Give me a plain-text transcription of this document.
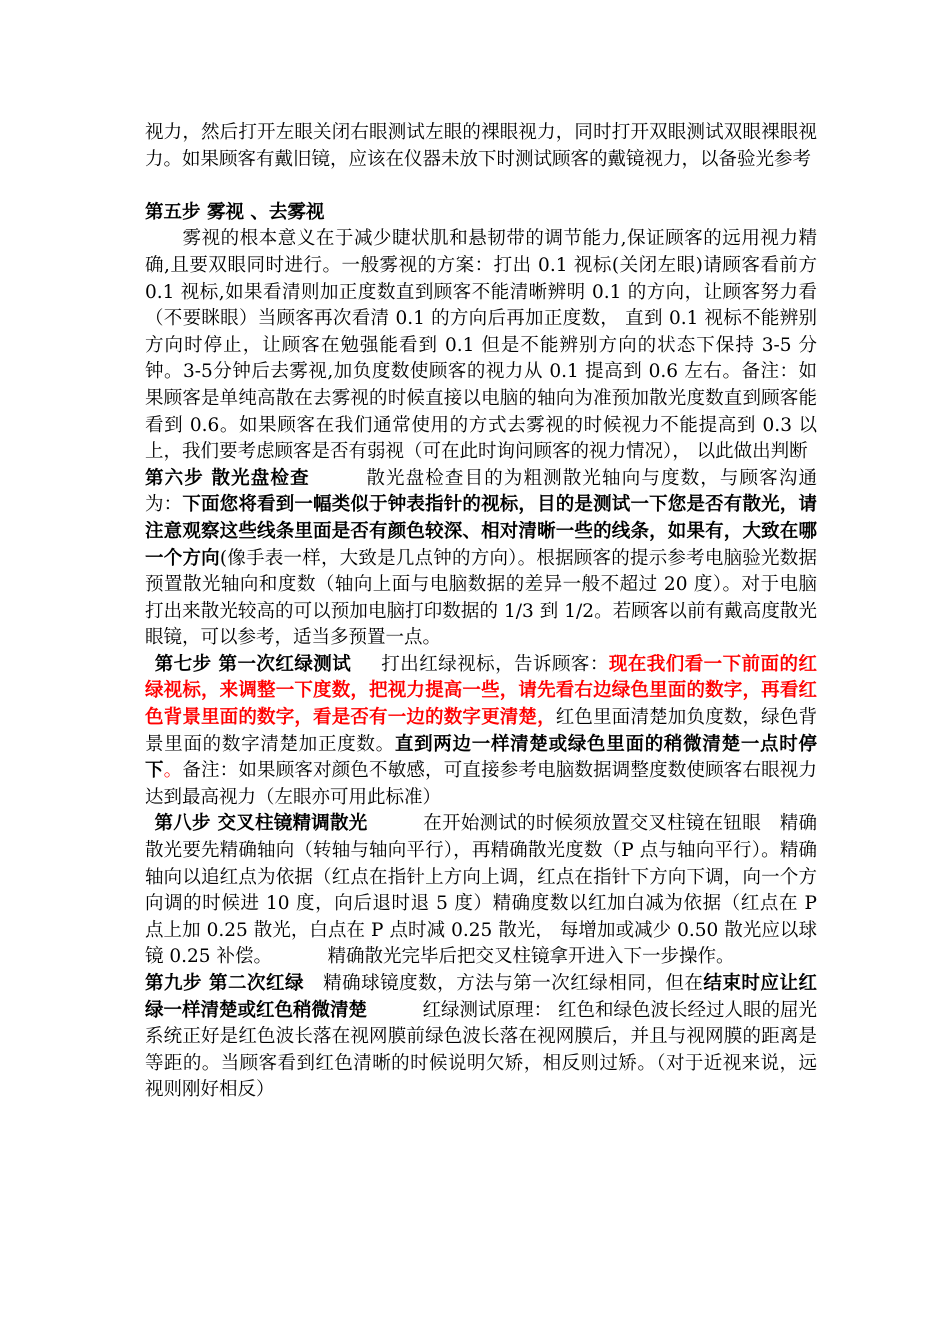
视力，然后打开左眼关闭右眼测试左眼的裸眼视力，同时打开双眼测试双眼裸眼视力。如果顾客有戴旧镜，应该在仪器未放下时测试顾客的戴镜视力，以备验光参考

第五步 雾视 、去雾视

雾视的根本意义在于减少睫状肌和悬韧带的调节能力,保证顾客的远用视力精确,且要双眼同时进行。一般雾视的方案：打出 0.1 视标(关闭左眼)请顾客看前方 0.1 视标,如果看清则加正度数直到顾客不能清晰辨明 0.1 的方向，让顾客努力看（不要眯眼）当顾客再次看清 0.1 的方向后再加正度数， 直到 0.1 视标不能辨别方向时停止，让顾客在勉强能看到 0.1 但是不能辨别方向的状态下保持 3-5 分钟。3-5分钟后去雾视,加负度数使顾客的视力从 0.1 提高到 0.6 左右。备注：如果顾客是单纯高散在去雾视的时候直接以电脑的轴向为准预加散光度数直到顾客能看到 0.6。如果顾客在我们通常使用的方式去雾视的时候视力不能提高到 0.3 以上，我们要考虑顾客是否有弱视（可在此时询问顾客的视力情况）， 以此做出判断

第六步 散光盘检查	散光盘检查目的为粗测散光轴向与度数，与顾客沟通为：下面您将看到一幅类似于钟表指针的视标，目的是测试一下您是否有散光，请注意观察这些线条里面是否有颜色较深、相对清晰一些的线条，如果有，大致在哪一个方向(像手表一样，大致是几点钟的方向）。根据顾客的提示参考电脑验光数据预置散光轴向和度数（轴向上面与电脑数据的差异一般不超过 20 度）。对于电脑打出来散光较高的可以预加电脑打印数据的 1/3 到 1/2。若顾客以前有戴高度散光眼镜，可以参考，适当多预置一点。

第七步 第一次红绿测试 打出红绿视标，告诉顾客：现在我们看一下前面的红绿视标，来调整一下度数，把视力提高一些，请先看右边绿色里面的数字，再看红色背景里面的数字，看是否有一边的数字更清楚，红色里面清楚加负度数，绿色背景里面的数字清楚加正度数。直到两边一样清楚或绿色里面的稍微清楚一点时停下。备注：如果顾客对颜色不敏感，可直接参考电脑数据调整度数使顾客右眼视力达到最高视力（左眼亦可用此标准）

第八步 交叉柱镜精调散光	在开始测试的时候须放置交叉柱镜在钮眼 精确散光要先精确轴向（转轴与轴向平行），再精确散光度数（P 点与轴向平行）。精确轴向以追红点为依据（红点在指针上方向上调，红点在指针下方向下调，向一个方向调的时候进 10 度，向后退时退 5 度）精确度数以红加白减为依据（红点在 P 点上加 0.25 散光，白点在 P 点时减 0.25 散光， 每增加或减少 0.50 散光应以球镜 0.25 补偿。	精确散光完毕后把交叉柱镜拿开进入下一步操作。

第九步 第二次红绿 精确球镜度数，方法与第一次红绿相同，但在结束时应让红绿一样清楚或红色稍微清楚	红绿测试原理： 红色和绿色波长经过人眼的屈光系统正好是红色波长落在视网膜前绿色波长落在视网膜后，并且与视网膜的距离是等距的。当顾客看到红色清晰的时候说明欠矫，相反则过矫。（对于近视来说，远视则刚好相反）
